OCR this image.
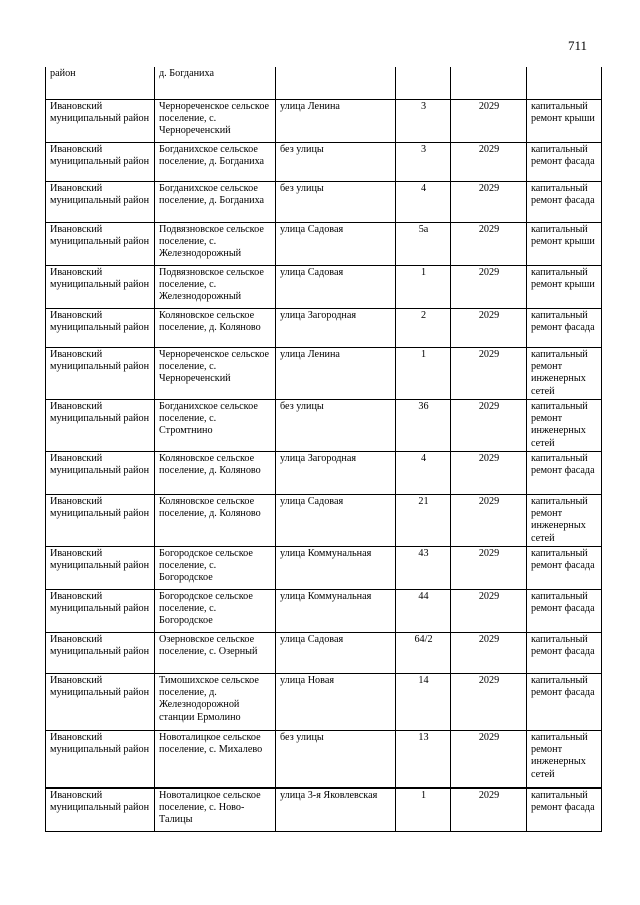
711
район	д. Богданиха				
Ивановский муниципальный район	Чернореченское сельское поселение, с. Чернореченский	улица Ленина	3	2029	капитальный ремонт крыши
Ивановский муниципальный район	Богданихское сельское поселение, д. Богданиха	без улицы	3	2029	капитальный ремонт фасада
Ивановский муниципальный район	Богданихское сельское поселение, д. Богданиха	без улицы	4	2029	капитальный ремонт фасада
Ивановский муниципальный район	Подвязновское сельское поселение, с. Железнодорожный	улица Садовая	5а	2029	капитальный ремонт крыши
Ивановский муниципальный район	Подвязновское сельское поселение, с. Железнодорожный	улица Садовая	1	2029	капитальный ремонт крыши
Ивановский муниципальный район	Коляновское сельское поселение, д. Колянов​о	улица Загородная	2	2029	капитальный ремонт фасада
Ивановский муниципальный район	Чернореченское сельское поселение, с. Чернореченский	улица Ленина	1	2029	капитальный ремонт инженерных сетей
Ивановский муниципальный район	Богданихское сельское поселение, с. Стромтнино	без улицы	36	2029	капитальный ремонт инженерных сетей
Ивановский муниципальный район	Коляновское сельское поселение, д. Колянов​о	улица Загородная	4	2029	капитальный ремонт фасада
Ивановский муниципальный район	Коляновское сельское поселение, д. Колянов​о	улица Садовая	21	2029	капитальный ремонт инженерных сетей
Ивановский муниципальный район	Богородское сельское поселение, с. Богородское	улица Коммунальная	43	2029	капитальный ремонт фасада
Ивановский муниципальный район	Богородское сельское поселение, с. Богородское	улица Коммунальная	44	2029	капитальный ремонт фасада
Ивановский муниципальный район	Озерновское сельское поселение, с. Озерный	улица Садовая	64/2	2029	капитальный ремонт фасада
Ивановский муниципальный район	Тимошихское сельское поселение, д. Железнодорожной станции Ермолино	улица Новая	14	2029	капитальный ремонт фасада
Ивановский муниципальный район	Новоталицкое сельское поселение, с. Михалево	без улицы	13	2029	капитальный ремонт инженерных сетей
Ивановский муниципальный район	Новоталицкое сельское поселение, с. Ново-Талицы	улица 3-я Яковлевская	1	2029	капитальный ремонт фасада
